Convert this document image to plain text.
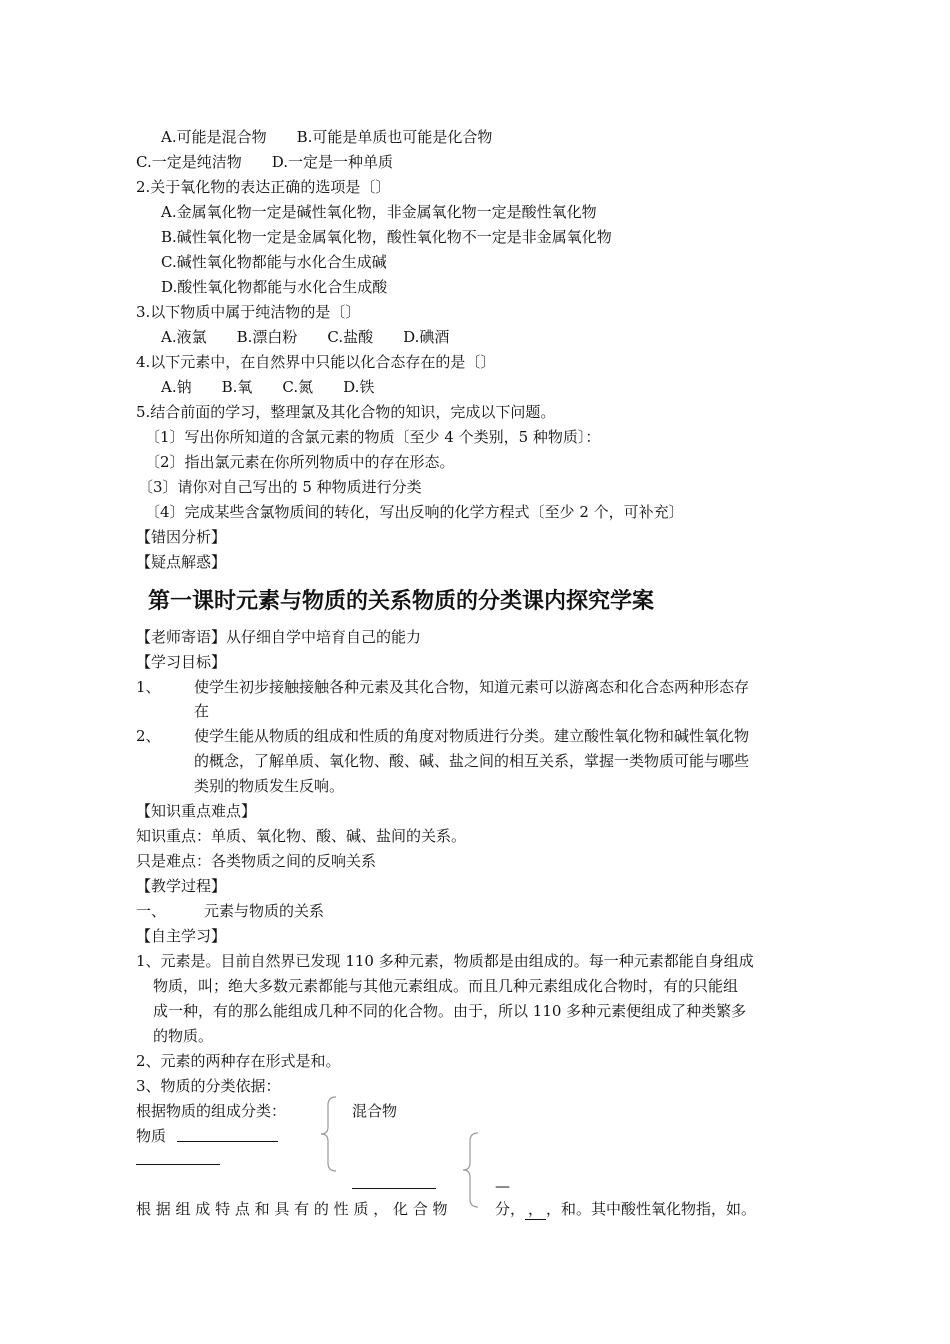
A.可能是混合物　　B.可能是单质也可能是化合物
C.一定是纯洁物　　D.一定是一种单质
2.关于氧化物的表达正确的选项是〔〕
A.金属氧化物一定是碱性氧化物，非金属氧化物一定是酸性氧化物
B.碱性氧化物一定是金属氧化物，酸性氧化物不一定是非金属氧化物
C.碱性氧化物都能与水化合生成碱
D.酸性氧化物都能与水化合生成酸
3.以下物质中属于纯洁物的是〔〕
A.液氯　　B.漂白粉　　C.盐酸　　D.碘酒
4.以下元素中，在自然界中只能以化合态存在的是〔〕
A.钠　　B.氧　　C.氮　　D.铁
5.结合前面的学习，整理氯及其化合物的知识，完成以下问题。
〔1〕写出你所知道的含氯元素的物质〔至少 4 个类别，5 种物质〕：
〔2〕指出氯元素在你所列物质中的存在形态。
〔3〕请你对自己写出的 5 种物质进行分类
〔4〕完成某些含氯物质间的转化，写出反响的化学方程式〔至少 2 个，可补充〕
【错因分析】
【疑点解惑】
第一课时元素与物质的关系物质的分类课内探究学案
【老师寄语】从仔细自学中培育自己的能力
【学习目标】
1、 使学生初步接触接触各种元素及其化合物，知道元素可以游离态和化合态两种形态存
在
2、 使学生能从物质的组成和性质的角度对物质进行分类。建立酸性氧化物和碱性氧化物
的概念，了解单质、氧化物、酸、碱、盐之间的相互关系，掌握一类物质可能与哪些
类别的物质发生反响。
【知识重点难点】
知识重点：单质、氧化物、酸、碱、盐间的关系。
只是难点：各类物质之间的反响关系
【教学过程】
一、	元素与物质的关系
【自主学习】
1、元素是。目前自然界已发现 110 多种元素，物质都是由组成的。每一种元素都能自身组成
物质，叫；绝大多数元素都能与其他元素组成。而且几种元素组成化合物时，有的只能组
成一种，有的那么能组成几种不同的化合物。由于，所以 110 多种元素便组成了种类繁多
的物质。
2、元素的两种存在形式是和。
3、物质的分类依据：
根据物质的组成分类：	混合物
物质
—
根 据 组 成 特 点 和 具 有 的 性 质 ， 化 合 物	分， ， ，和。其中酸性氧化物指，如。
